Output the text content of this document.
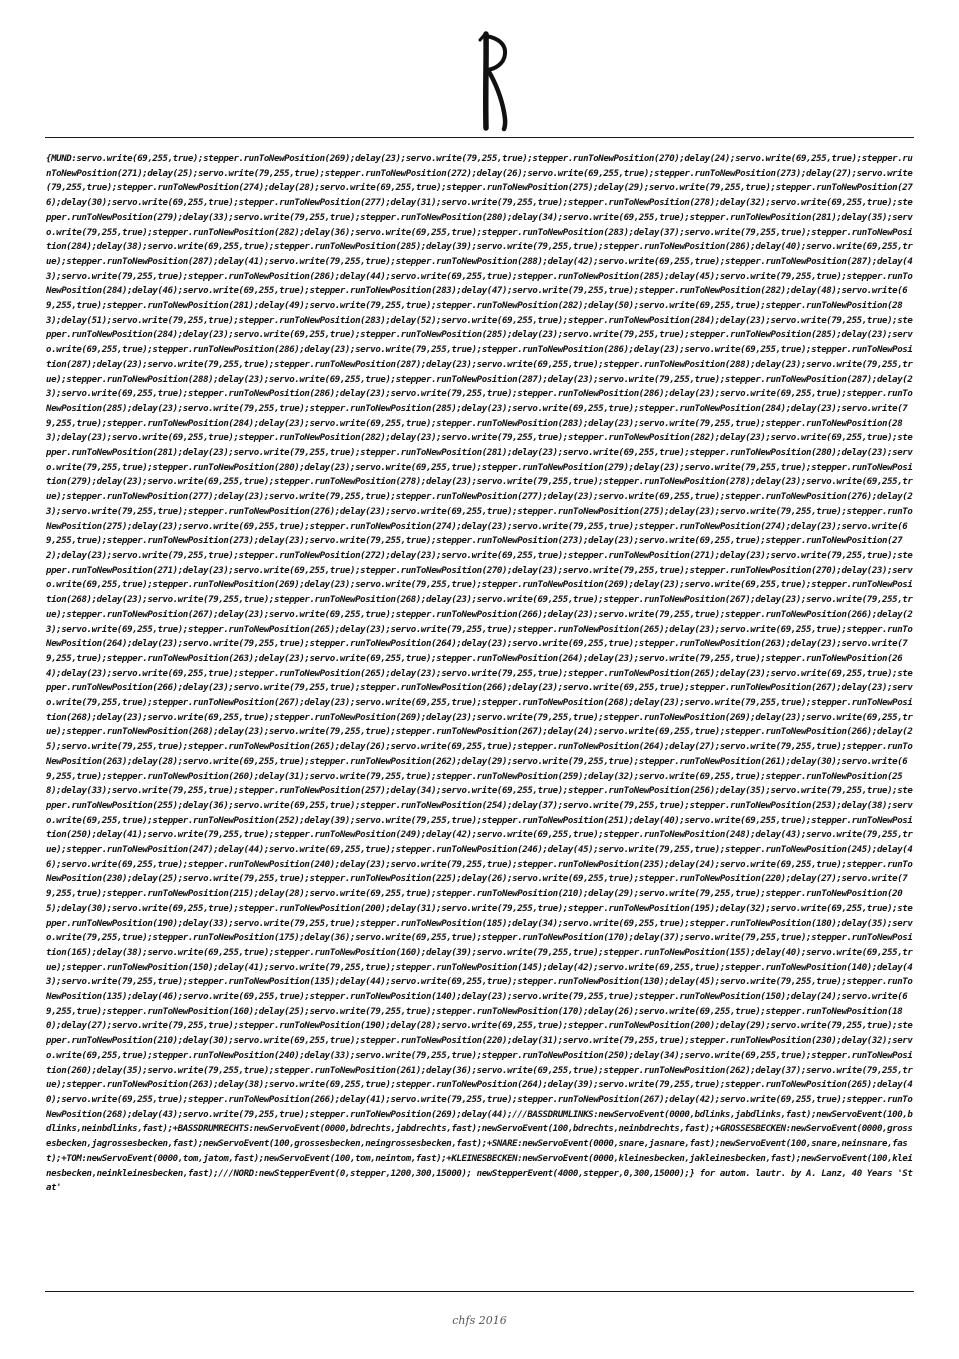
{MUND:servo.write(69,255,true);stepper.runToNewPosition(269);delay(23);servo.write(79,255,true);stepper.runToNewPosition(270);delay(24);servo.write(69,255,true);stepper.runToNewPosition(271);delay(25);servo.write(79,255,true);stepper.runToNewPosition(272);delay(26);servo.write(69,255,true);stepper.runToNewPosition(273);delay(27);servo.write(79,255,true);stepper.runToNewPosition(274);delay(28);servo.write(69,255,true);stepper.runToNewPosition(275);delay(29);servo.write(79,255,true);stepper.runToNewPosition(276);delay(30);servo.write(69,255,true);stepper.runToNewPosition(277);delay(31);servo.write(79,255,true);stepper.runToNewPosition(278);delay(32);servo.write(69,255,true);stepper.runToNewPosition(279);delay(33);servo.write(79,255,true);stepper.runToNewPosition(280);delay(34);servo.write(69,255,true);stepper.runToNewPosition(281);delay(35);servo.write(79,255,true);stepper.runToNewPosition(282);delay(36);servo.write(69,255,true);stepper.runToNewPosition(283);delay(37);servo.write(79,255,true);stepper.runToNewPosition(284);delay(38);servo.write(69,255,true);stepper.runToNewPosition(285);delay(39);servo.write(79,255,true);stepper.runToNewPosition(286);delay(40);servo.write(69,255,true);stepper.runToNewPosition(287);delay(41);servo.write(79,255,true);stepper.runToNewPosition(288);delay(42);servo.write(69,255,true);stepper.runToNewPosition(287);delay(43);servo.write(79,255,true);stepper.runToNewPosition(286);delay(44);servo.write(69,255,true);stepper.runToNewPosition(285);delay(45);servo.write(79,255,true);stepper.runToNewPosition(284);delay(46);servo.write(69,255,true);stepper.runToNewPosition(283);delay(47);servo.write(79,255,true);stepper.runToNewPosition(282);delay(48);servo.write(69,255,true);stepper.runToNewPosition(281);delay(49);servo.write(79,255,true);stepper.runToNewPosition(282);delay(50);servo.write(69,255,true);stepper.runToNewPosition(283);delay(51);servo.write(79,255,true);stepper.runToNewPosition(283);delay(52);servo.write(69,255,true);stepper.runToNewPosition(284);delay(23);servo.write(79,255,true);stepper.runToNewPosition(284);delay(23);servo.write(69,255,true);stepper.runToNewPosition(285);delay(23);servo.write(79,255,true);stepper.runToNewPosition(285);delay(23);servo.write(69,255,true);stepper.runToNewPosition(286);delay(23);servo.write(79,255,true);stepper.runToNewPosition(286);delay(23);servo.write(69,255,true);stepper.runToNewPosition(287);delay(23);servo.write(79,255,true);stepper.runToNewPosition(287);delay(23);servo.write(69,255,true);stepper.runToNewPosition(288);delay(23);servo.write(79,255,true);stepper.runToNewPosition(288);delay(23);servo.write(69,255,true);stepper.runToNewPosition(287);delay(23);servo.write(79,255,true);stepper.runToNewPosition(287);delay(23);servo.write(69,255,true);stepper.runToNewPosition(286);delay(23);servo.write(79,255,true);stepper.runToNewPosition(286);delay(23);servo.write(69,255,true);stepper.runToNewPosition(285);delay(23);servo.write(79,255,true);stepper.runToNewPosition(285);delay(23);servo.write(69,255,true);stepper.runToNewPosition(284);delay(23);servo.write(79,255,true);stepper.runToNewPosition(284);delay(23);servo.write(69,255,true);stepper.runToNewPosition(283);delay(23);servo.write(79,255,true);stepper.runToNewPosition(283);delay(23);servo.write(69,255,true);stepper.runToNewPosition(282);delay(23);servo.write(79,255,true);stepper.runToNewPosition(282);delay(23);servo.write(69,255,true);stepper.runToNewPosition(281);delay(23);servo.write(79,255,true);stepper.runToNewPosition(281);delay(23);servo.write(69,255,true);stepper.runToNewPosition(280);delay(23);servo.write(79,255,true);stepper.runToNewPosition(280);delay(23);servo.write(69,255,true);stepper.runToNewPosition(279);delay(23);servo.write(79,255,true);stepper.runToNewPosition(279);delay(23);servo.write(69,255,true);stepper.runToNewPosition(278);delay(23);servo.write(79,255,true);stepper.runToNewPosition(278);delay(23);servo.write(69,255,true);stepper.runToNewPosition(277);delay(23);servo.write(79,255,true);stepper.runToNewPosition(277);delay(23);servo.write(69,255,true);stepper.runToNewPosition(276);delay(23);servo.write(79,255,true);stepper.runToNewPosition(276);delay(23);servo.write(69,255,true);stepper.runToNewPosition(275);delay(23);servo.write(79,255,true);stepper.runToNewPosition(275);delay(23);servo.write(69,255,true);stepper.runToNewPosition(274);delay(23);servo.write(79,255,true);stepper.runToNewPosition(274);delay(23);servo.write(69,255,true);stepper.runToNewPosition(273);delay(23);servo.write(79,255,true);stepper.runToNewPosition(273);delay(23);servo.write(69,255,true);stepper.runToNewPosition(272);delay(23);servo.write(79,255,true);stepper.runToNewPosition(272);delay(23);servo.write(69,255,true);stepper.runToNewPosition(271);delay(23);servo.write(79,255,true);stepper.runToNewPosition(271);delay(23);servo.write(69,255,true);stepper.runToNewPosition(270);delay(23);servo.write(79,255,true);stepper.runToNewPosition(270);delay(23);servo.write(69,255,true);stepper.runToNewPosition(269);delay(23);servo.write(79,255,true);stepper.runToNewPosition(269);delay(23);servo.write(69,255,true);stepper.runToNewPosition(268);delay(23);servo.write(79,255,true);stepper.runToNewPosition(268);delay(23);servo.write(69,255,true);stepper.runToNewPosition(267);delay(23);servo.write(79,255,true);stepper.runToNewPosition(267);delay(23);servo.write(69,255,true);stepper.runToNewPosition(266);delay(23);servo.write(79,255,true);stepper.runToNewPosition(266);delay(23);servo.write(69,255,true);stepper.runToNewPosition(265);delay(23);servo.write(79,255,true);stepper.runToNewPosition(265);delay(23);servo.write(69,255,true);stepper.runToNewPosition(264);delay(23);servo.write(79,255,true);stepper.runToNewPosition(264);delay(23);servo.write(69,255,true);stepper.runToNewPosition(263);delay(23);servo.write(79,255,true);stepper.runToNewPosition(263);delay(23);servo.write(69,255,true);stepper.runToNewPosition(264);delay(23);servo.write(79,255,true);stepper.runToNewPosition(264);delay(23);servo.write(69,255,true);stepper.runToNewPosition(265);delay(23);servo.write(79,255,true);stepper.runToNewPosition(265);delay(23);servo.write(69,255,true);stepper.runToNewPosition(266);delay(23);servo.write(79,255,true);stepper.runToNewPosition(266);delay(23);servo.write(69,255,true);stepper.runToNewPosition(267);delay(23);servo.write(79,255,true);stepper.runToNewPosition(267);delay(23);servo.write(69,255,true);stepper.runToNewPosition(268);delay(23);servo.write(79,255,true);stepper.runToNewPosition(268);delay(23);servo.write(69,255,true);stepper.runToNewPosition(269);delay(23);servo.write(79,255,true);stepper.runToNewPosition(269);delay(23);servo.write(69,255,true);stepper.runToNewPosition(268);delay(23);servo.write(79,255,true);stepper.runToNewPosition(267);delay(24);servo.write(69,255,true);stepper.runToNewPosition(266);delay(25);servo.write(79,255,true);stepper.runToNewPosition(265);delay(26);servo.write(69,255,true);stepper.runToNewPosition(264);delay(27);servo.write(79,255,true);stepper.runToNewPosition(263);delay(28);servo.write(69,255,true);stepper.runToNewPosition(262);delay(29);servo.write(79,255,true);stepper.runToNewPosition(261);delay(30);servo.write(69,255,true);stepper.runToNewPosition(260);delay(31);servo.write(79,255,true);stepper.runToNewPosition(259);delay(32);servo.write(69,255,true);stepper.runToNewPosition(258);delay(33);servo.write(79,255,true);stepper.runToNewPosition(257);delay(34);servo.write(69,255,true);stepper.runToNewPosition(256);delay(35);servo.write(79,255,true);stepper.runToNewPosition(255);delay(36);servo.write(69,255,true);stepper.runToNewPosition(254);delay(37);servo.write(79,255,true);stepper.runToNewPosition(253);delay(38);servo.write(69,255,true);stepper.runToNewPosition(252);delay(39);servo.write(79,255,true);stepper.runToNewPosition(251);delay(40);servo.write(69,255,true);stepper.runToNewPosition(250);delay(41);servo.write(79,255,true);stepper.runToNewPosition(249);delay(42);servo.write(69,255,true);stepper.runToNewPosition(248);delay(43);servo.write(79,255,true);stepper.runToNewPosition(247);delay(44);servo.write(69,255,true);stepper.runToNewPosition(246);delay(45);servo.write(79,255,true);stepper.runToNewPosition(245);delay(46);servo.write(69,255,true);stepper.runToNewPosition(240);delay(23);servo.write(79,255,true);stepper.runToNewPosition(235);delay(24);servo.write(69,255,true);stepper.runToNewPosition(230);delay(25);servo.write(79,255,true);stepper.runToNewPosition(225);delay(26);servo.write(69,255,true);stepper.runToNewPosition(220);delay(27);servo.write(79,255,true);stepper.runToNewPosition(215);delay(28);servo.write(69,255,true);stepper.runToNewPosition(210);delay(29);servo.write(79,255,true);stepper.runToNewPosition(205);delay(30);servo.write(69,255,true);stepper.runToNewPosition(200);delay(31);servo.write(79,255,true);stepper.runToNewPosition(195);delay(32);servo.write(69,255,true);stepper.runToNewPosition(190);delay(33);servo.write(79,255,true);stepper.runToNewPosition(185);delay(34);servo.write(69,255,true);stepper.runToNewPosition(180);delay(35);servo.write(79,255,true);stepper.runToNewPosition(175);delay(36);servo.write(69,255,true);stepper.runToNewPosition(170);delay(37);servo.write(79,255,true);stepper.runToNewPosition(165);delay(38);servo.write(69,255,true);stepper.runToNewPosition(160);delay(39);servo.write(79,255,true);stepper.runToNewPosition(155);delay(40);servo.write(69,255,true);stepper.runToNewPosition(150);delay(41);servo.write(79,255,true);stepper.runToNewPosition(145);delay(42);servo.write(69,255,true);stepper.runToNewPosition(140);delay(43);servo.write(79,255,true);stepper.runToNewPosition(135);delay(44);servo.write(69,255,true);stepper.runToNewPosition(130);delay(45);servo.write(79,255,true);stepper.runToNewPosition(135);delay(46);servo.write(69,255,true);stepper.runToNewPosition(140);delay(23);servo.write(79,255,true);stepper.runToNewPosition(150);delay(24);servo.write(69,255,true);stepper.runToNewPosition(160);delay(25);servo.write(79,255,true);stepper.runToNewPosition(170);delay(26);servo.write(69,255,true);stepper.runToNewPosition(180);delay(27);servo.write(79,255,true);stepper.runToNewPosition(190);delay(28);servo.write(69,255,true);stepper.runToNewPosition(200);delay(29);servo.write(79,255,true);stepper.runToNewPosition(210);delay(30);servo.write(69,255,true);stepper.runToNewPosition(220);delay(31);servo.write(79,255,true);stepper.runToNewPosition(230);delay(32);servo.write(69,255,true);stepper.runToNewPosition(240);delay(33);servo.write(79,255,true);stepper.runToNewPosition(250);delay(34);servo.write(69,255,true);stepper.runToNewPosition(260);delay(35);servo.write(79,255,true);stepper.runToNewPosition(261);delay(36);servo.write(69,255,true);stepper.runToNewPosition(262);delay(37);servo.write(79,255,true);stepper.runToNewPosition(263);delay(38);servo.write(69,255,true);stepper.runToNewPosition(264);delay(39);servo.write(79,255,true);stepper.runToNewPosition(265);delay(40);servo.write(69,255,true);stepper.runToNewPosition(266);delay(41);servo.write(79,255,true);stepper.runToNewPosition(267);delay(42);servo.write(69,255,true);stepper.runToNewPosition(268);delay(43);servo.write(79,255,true);stepper.runToNewPosition(269);delay(44);///BASSDRUMLINKS:newServoEvent(0000,bdlinks,jabdlinks,fast);newServoEvent(100,bdlinks,neinbdlinks,fast);+BASSDRUMRECHTS:newServoEvent(0000,bdrechts,jabdrechts,fast);newServoEvent(100,bdrechts,neinbdrechts,fast);+GROSSESBECKEN:newServoEvent(0000,grossesbecken,jagrossesbecken,fast);newServoEvent(100,grossesbecken,neingrossesbecken,fast);+SNARE:newServoEvent(0000,snare,jasnare,fast);newServoEvent(100,snare,neinsnare,fast);+TOM:newServoEvent(0000,tom,jatom,fast);newServoEvent(100,tom,neintom,fast);+KLEINESBECKEN:newServoEvent(0000,kleinesbecken,jakleinesbecken,fast);newServoEvent(100,kleinesbecken,neinkleinesbecken,fast);///NORD:newStepperEvent(0,stepper,1200,300,15000); newStepperEvent(4000,stepper,0,300,15000);} for autom. lautr. by A. Lanz, 40 Years 'Stat'
chfs 2016
